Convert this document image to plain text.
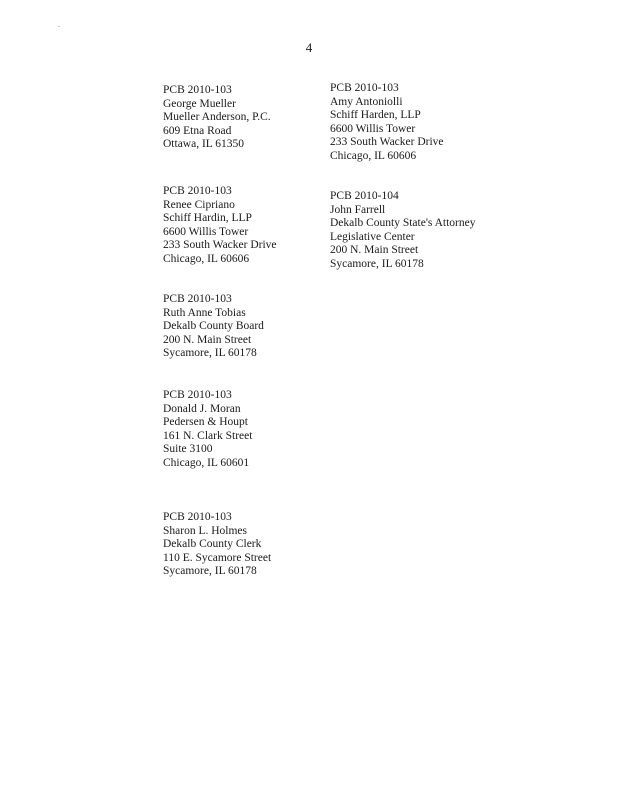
.
4
PCB 2010-103
George Mueller
Mueller Anderson, P.C.
609 Etna Road
Ottawa, IL 61350
PCB 2010-103
Renee Cipriano
Schiff Hardin, LLP
6600 Willis Tower
233 South Wacker Drive
Chicago, IL 60606
PCB 2010-103
Ruth Anne Tobias
Dekalb County Board
200 N. Main Street
Sycamore, IL 60178
PCB 2010-103
Donald J. Moran
Pedersen & Houpt
161 N. Clark Street
Suite 3100
Chicago, IL 60601
PCB 2010-103
Sharon L. Holmes
Dekalb County Clerk
110 E. Sycamore Street
Sycamore, IL 60178
PCB 2010-103
Amy Antoniolli
Schiff Harden, LLP
6600 Willis Tower
233 South Wacker Drive
Chicago, IL 60606
PCB 2010-104
John Farrell
Dekalb County State's Attorney
Legislative Center
200 N. Main Street
Sycamore, IL 60178
